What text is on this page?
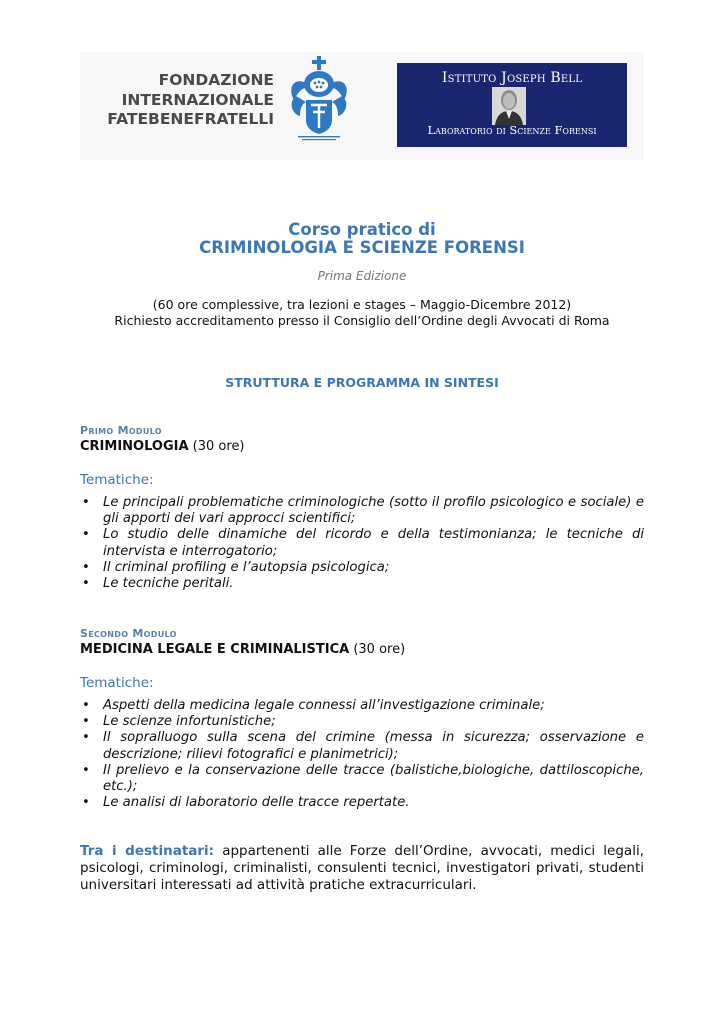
FONDAZIONE
INTERNAZIONALE
FATEBENEFRATELLI
Istituto Joseph Bell
Laboratorio di Scienze Forensi
Corso pratico di
CRIMINOLOGIA E SCIENZE FORENSI
Prima Edizione
(60 ore complessive, tra lezioni e stages – Maggio-Dicembre 2012)
Richiesto accreditamento presso il Consiglio dell’Ordine degli Avvocati di Roma
STRUTTURA E PROGRAMMA IN SINTESI
Primo Modulo
CRIMINOLOGIA (30 ore)
Tematiche:
• Le principali problematiche criminologiche (sotto il profilo psicologico e sociale) e gli apporti dei vari approcci scientifici;
• Lo studio delle dinamiche del ricordo e della testimonianza; le tecniche di intervista e interrogatorio;
• Il criminal profiling e l’autopsia psicologica;
• Le tecniche peritali.
Secondo Modulo
MEDICINA LEGALE E CRIMINALISTICA (30 ore)
Tematiche:
• Aspetti della medicina legale connessi all’investigazione criminale;
• Le scienze infortunistiche;
• Il sopralluogo sulla scena del crimine (messa in sicurezza; osservazione e descrizione; rilievi fotografici e planimetrici);
• Il prelievo e la conservazione delle tracce (balistiche,biologiche, dattiloscopiche, etc.);
• Le analisi di laboratorio delle tracce repertate.
Tra i destinatari: appartenenti alle Forze dell’Ordine, avvocati, medici legali, psicologi, criminologi, criminalisti, consulenti tecnici, investigatori privati, studenti universitari interessati ad attività pratiche extracurriculari.
